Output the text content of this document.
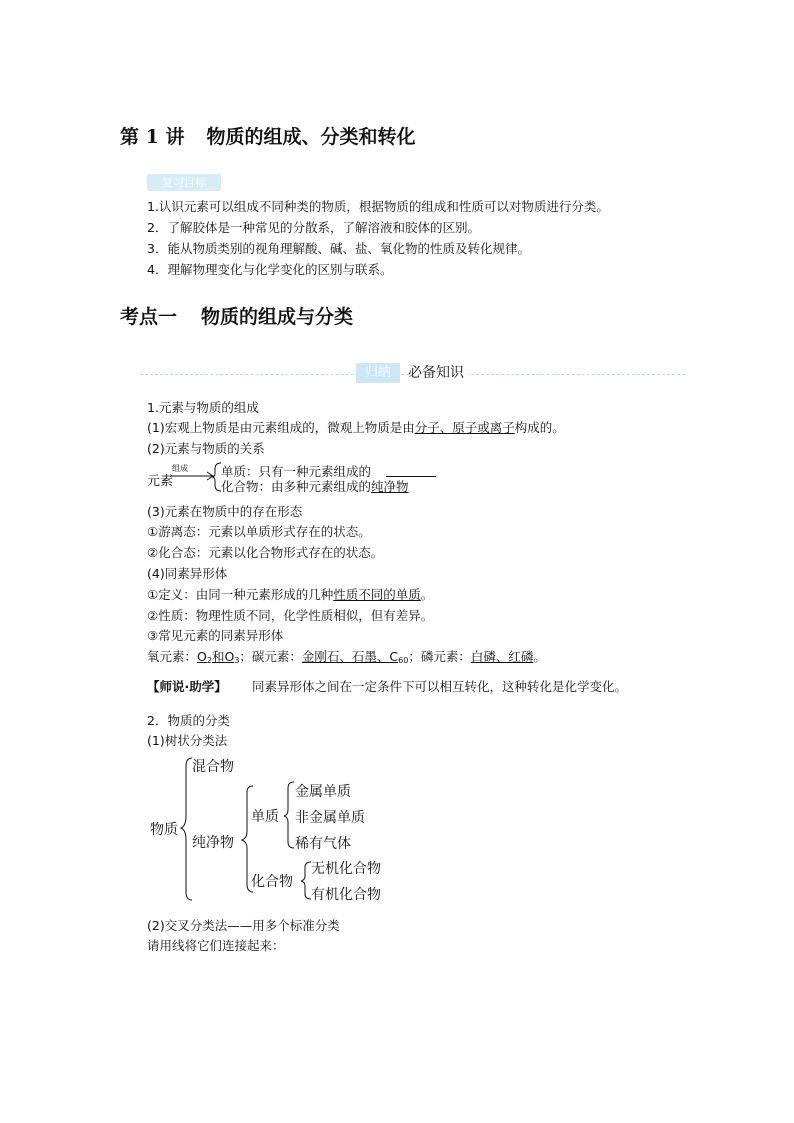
第 1 讲 物质的组成、分类和转化
复习目标
1.认识元素可以组成不同种类的物质，根据物质的组成和性质可以对物质进行分类。
2．了解胶体是一种常见的分散系，了解溶液和胶体的区别。
3．能从物质类别的视角理解酸、碱、盐、氧化物的性质及转化规律。
4．理解物理变化与化学变化的区别与联系。
考点一 物质的组成与分类
归纳	必备知识
1.元素与物质的组成
(1)宏观上物质是由元素组成的，微观上物质是由分子、原子或离子构成的。
(2)元素与物质的关系
元素
组成	单质：只有一种元素组成的
化合物：由多种元素组成的纯净物
(3)元素在物质中的存在形态
①游离态：元素以单质形式存在的状态。
②化合态：元素以化合物形式存在的状态。
(4)同素异形体
①定义：由同一种元素形成的几种性质不同的单质。
②性质：物理性质不同，化学性质相似，但有差异。
③常见元素的同素异形体
氧元素：$O_2$和$O_3$；碳元素：金刚石、石墨、$C_{60}$；磷元素：白磷、红磷。
【师说·助学】 同素异形体之间在一定条件下可以相互转化，这种转化是化学变化。
2．物质的分类
(1)树状分类法
物质
混合物
纯净物
单质
金属单质
非金属单质
稀有气体
化合物
无机化合物
有机化合物
(2)交叉分类法——用多个标准分类
请用线将它们连接起来：
